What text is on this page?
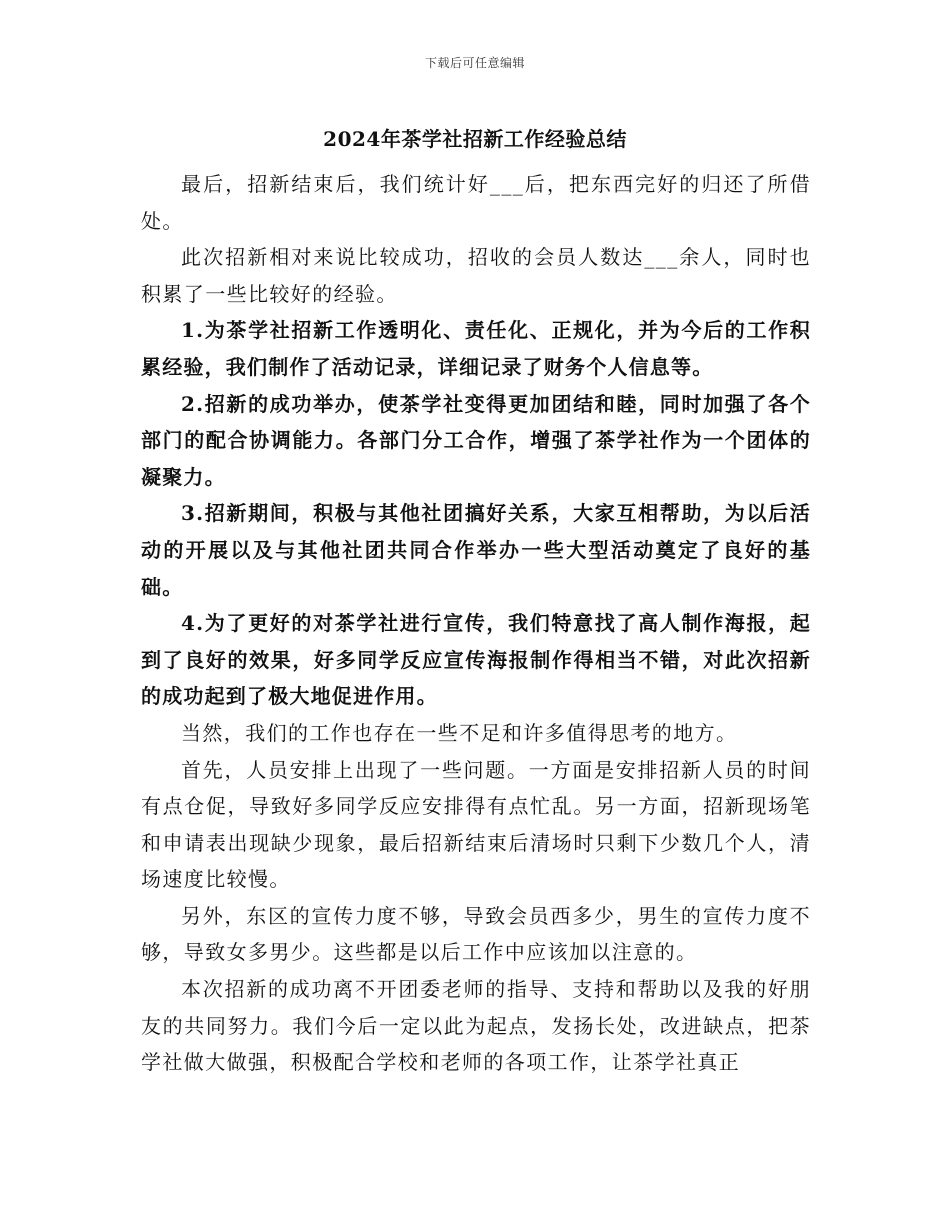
下载后可任意编辑
2024年茶学社招新工作经验总结

最后，招新结束后，我们统计好___后，把东西完好的归还了所借处。

此次招新相对来说比较成功，招收的会员人数达___余人，同时也积累了一些比较好的经验。

1.为茶学社招新工作透明化、责任化、正规化，并为今后的工作积累经验，我们制作了活动记录，详细记录了财务个人信息等。

2.招新的成功举办，使茶学社变得更加团结和睦，同时加强了各个部门的配合协调能力。各部门分工合作，增强了茶学社作为一个团体的凝聚力。

3.招新期间，积极与其他社团搞好关系，大家互相帮助，为以后活动的开展以及与其他社团共同合作举办一些大型活动奠定了良好的基础。

4.为了更好的对茶学社进行宣传，我们特意找了高人制作海报，起到了良好的效果，好多同学反应宣传海报制作得相当不错，对此次招新的成功起到了极大地促进作用。

当然，我们的工作也存在一些不足和许多值得思考的地方。

首先，人员安排上出现了一些问题。一方面是安排招新人员的时间有点仓促，导致好多同学反应安排得有点忙乱。另一方面，招新现场笔和申请表出现缺少现象，最后招新结束后清场时只剩下少数几个人，清场速度比较慢。

另外，东区的宣传力度不够，导致会员西多少，男生的宣传力度不够，导致女多男少。这些都是以后工作中应该加以注意的。

本次招新的成功离不开团委老师的指导、支持和帮助以及我的好朋友的共同努力。我们今后一定以此为起点，发扬长处，改进缺点，把茶学社做大做强，积极配合学校和老师的各项工作，让茶学社真正
